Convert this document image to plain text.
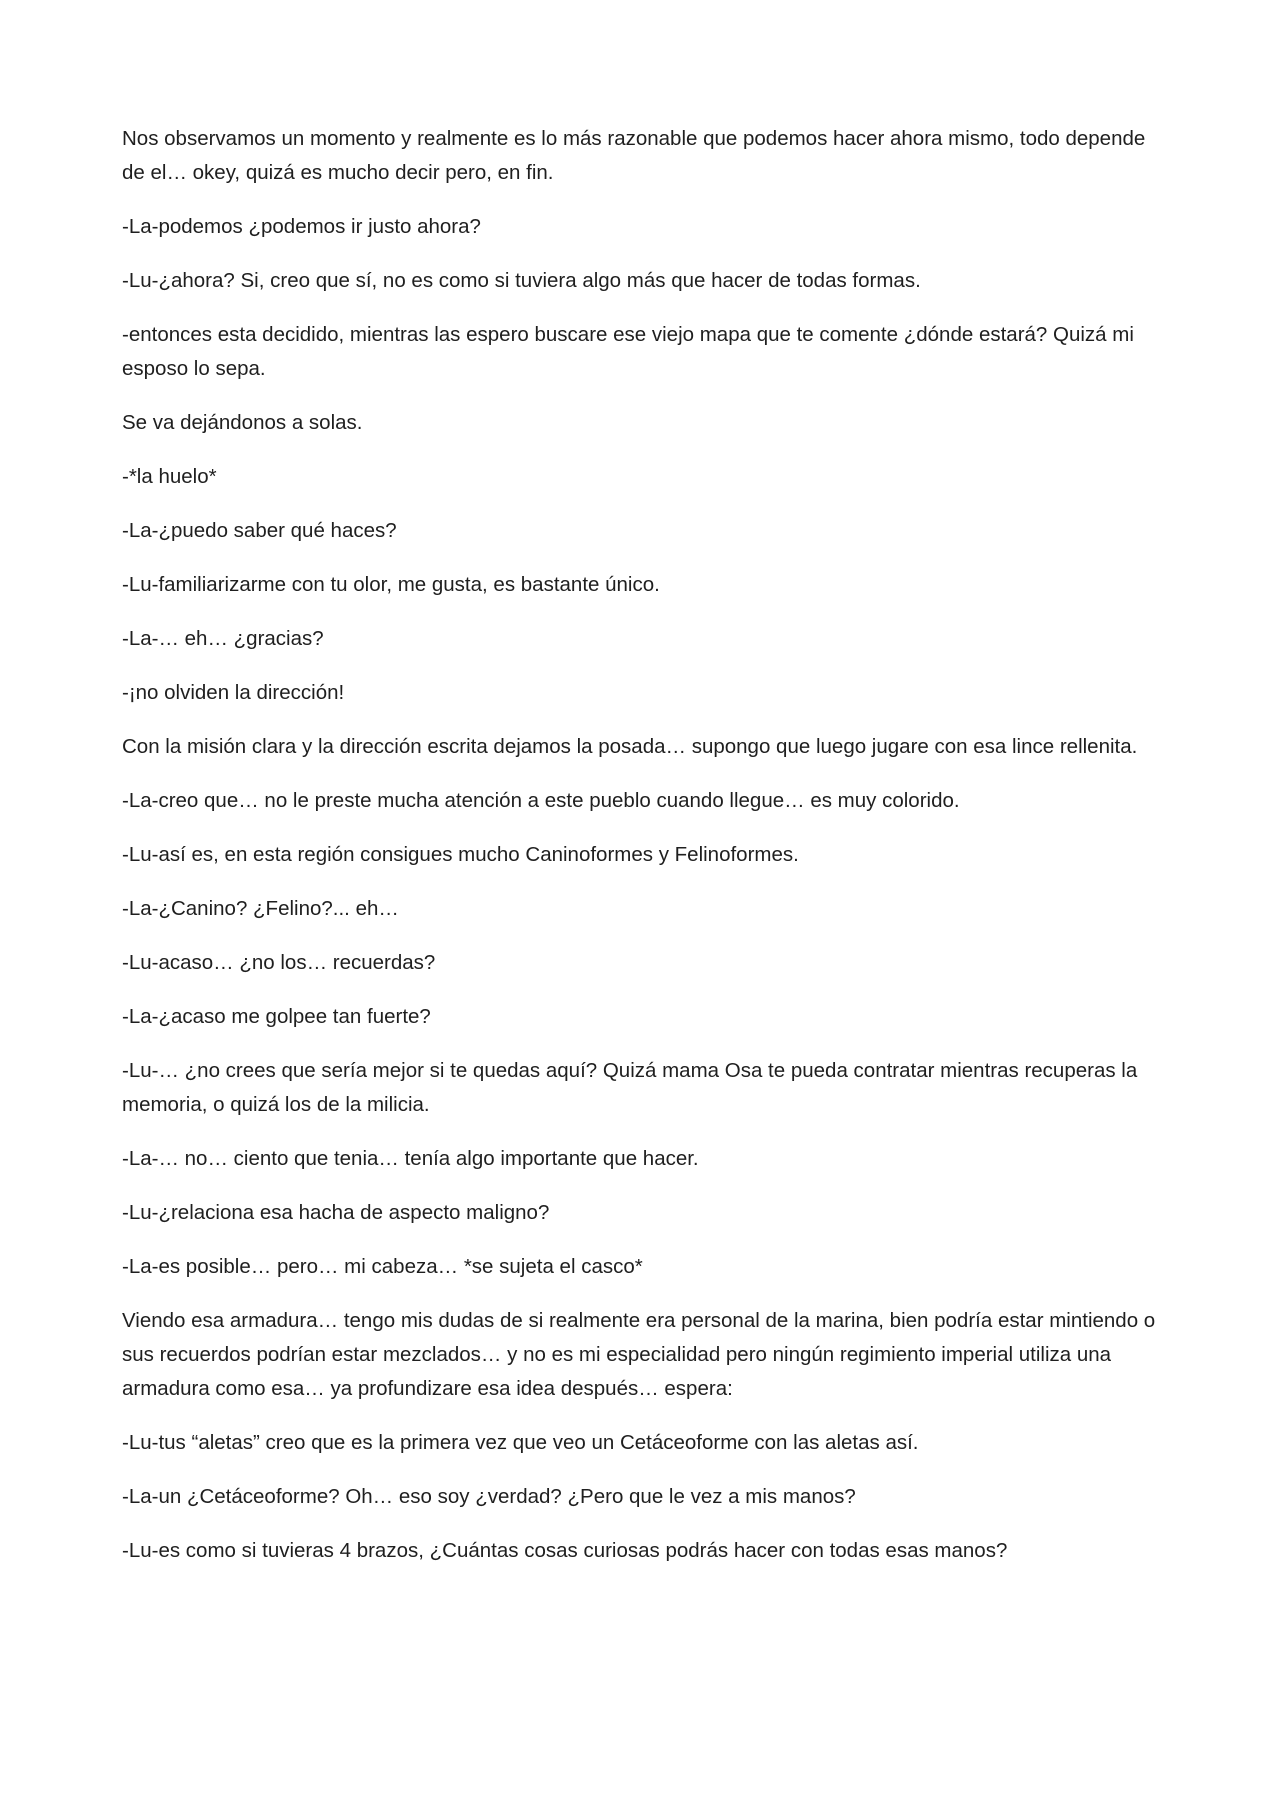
Nos observamos un momento y realmente es lo más razonable que podemos hacer ahora mismo, todo depende de el… okey, quizá es mucho decir pero, en fin.

-La-podemos ¿podemos ir justo ahora?

-Lu-¿ahora? Si, creo que sí, no es como si tuviera algo más que hacer de todas formas.

-entonces esta decidido, mientras las espero buscare ese viejo mapa que te comente ¿dónde estará? Quizá mi esposo lo sepa.

Se va dejándonos a solas.

-*la huelo*

-La-¿puedo saber qué haces?

-Lu-familiarizarme con tu olor, me gusta, es bastante único.

-La-… eh… ¿gracias?

-¡no olviden la dirección!

Con la misión clara y la dirección escrita dejamos la posada… supongo que luego jugare con esa lince rellenita.

-La-creo que… no le preste mucha atención a este pueblo cuando llegue… es muy colorido.

-Lu-así es, en esta región consigues mucho Caninoformes y Felinoformes.

-La-¿Canino? ¿Felino?... eh…

-Lu-acaso… ¿no los… recuerdas?

-La-¿acaso me golpee tan fuerte?

-Lu-… ¿no crees que sería mejor si te quedas aquí? Quizá mama Osa te pueda contratar mientras recuperas la memoria, o quizá los de la milicia.

-La-… no… ciento que tenia… tenía algo importante que hacer.

-Lu-¿relaciona esa hacha de aspecto maligno?

-La-es posible… pero… mi cabeza… *se sujeta el casco*

Viendo esa armadura… tengo mis dudas de si realmente era personal de la marina, bien podría estar mintiendo o sus recuerdos podrían estar mezclados… y no es mi especialidad pero ningún regimiento imperial utiliza una armadura como esa… ya profundizare esa idea después… espera:

-Lu-tus “aletas” creo que es la primera vez que veo un Cetáceoforme con las aletas así.

-La-un ¿Cetáceoforme? Oh… eso soy ¿verdad? ¿Pero que le vez a mis manos?

-Lu-es como si tuvieras 4 brazos, ¿Cuántas cosas curiosas podrás hacer con todas esas manos?
